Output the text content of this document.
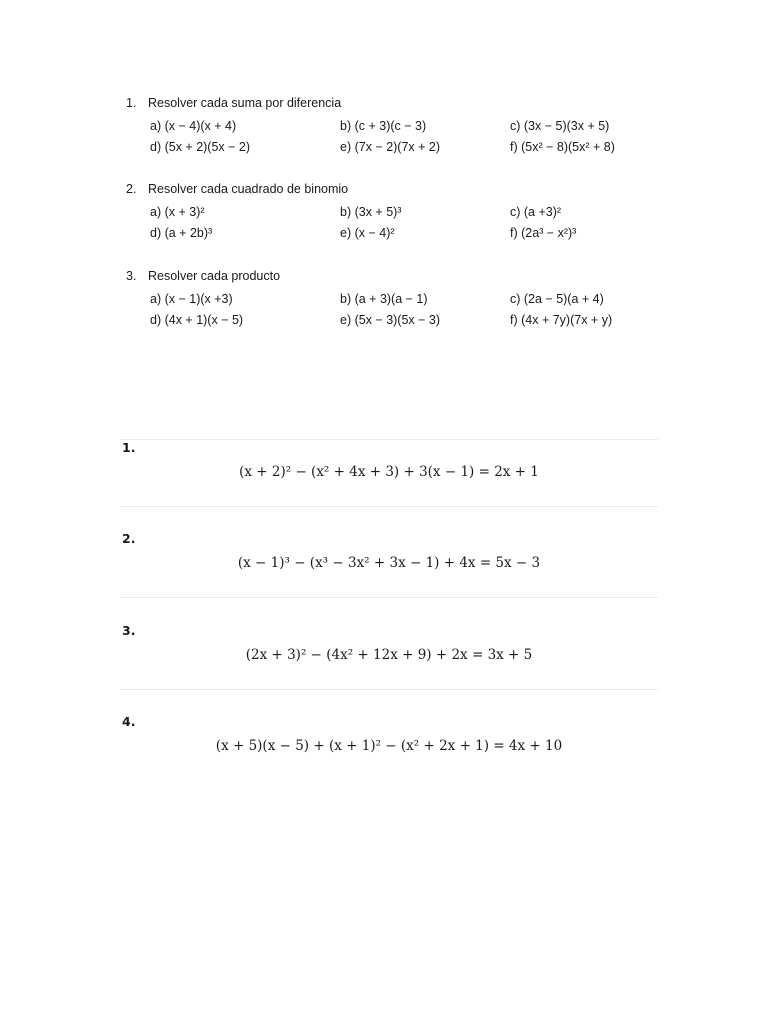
1. Resolver cada suma por diferencia
a) (x − 4)(x + 4)	b) (c + 3)(c − 3)	c) (3x − 5)(3x + 5)
d) (5x + 2)(5x − 2)	e) (7x − 2)(7x + 2)	f) (5x² − 8)(5x² + 8)
2. Resolver cada cuadrado de binomio
a) (x + 3)²	b) (3x + 5)³	c) (a +3)²
d) (a + 2b)³	e) (x − 4)²	f) (2a³ − x²)³
3. Resolver cada producto
a) (x − 1)(x +3)	b) (a + 3)(a − 1)	c) (2a − 5)(a + 4)
d) (4x + 1)(x − 5)	e) (5x − 3)(5x − 3)	f) (4x + 7y)(7x + y)
1.
(x + 2)² − (x² + 4x + 3) + 3(x − 1) = 2x + 1
2.
(x − 1)³ − (x³ − 3x² + 3x − 1) + 4x = 5x − 3
3.
(2x + 3)² − (4x² + 12x + 9) + 2x = 3x + 5
4.
(x + 5)(x − 5) + (x + 1)² − (x² + 2x + 1) = 4x + 10
